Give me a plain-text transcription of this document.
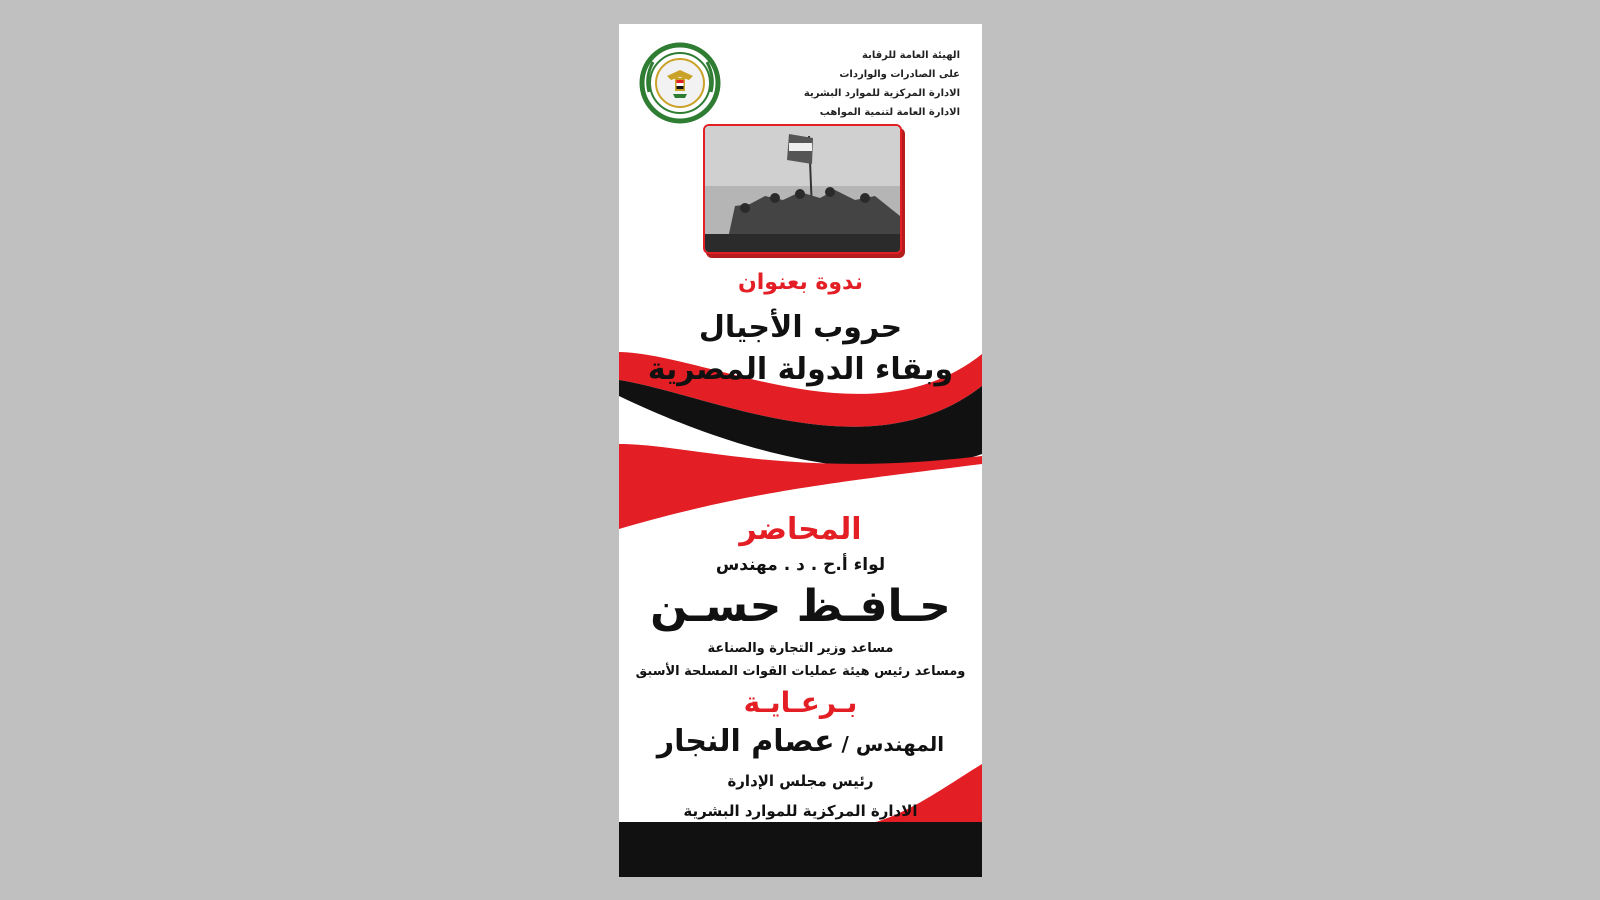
الهيئة العامة للرقابة
على الصادرات والواردات
الادارة المركزية للموارد البشرية
الادارة العامة لتنمية المواهب
ندوة بعنوان
حروب الأجيال
وبقاء الدولة المصرية
المحاضر
لواء أ.ح . د . مهندس
حـافـظ حسـن
مساعد وزير التجارة والصناعة
ومساعد رئيس هيئة عمليات القوات المسلحة الأسبق
بـرعـايـة
المهندس / عصام النجار
رئيس مجلس الإدارة
الادارة المركزية للموارد البشرية
